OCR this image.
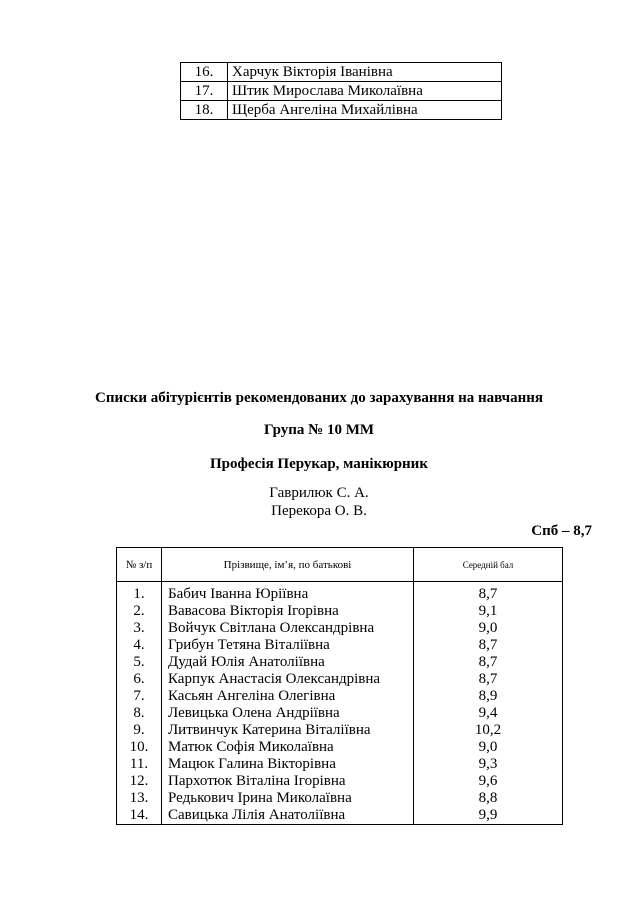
16.	Харчук Вікторія Іванівна
17.	Штик Мирослава Миколаївна
18.	Щерба Ангеліна Михайлівна
Списки абітурієнтів рекомендованих до зарахування на навчання
Група № 10 ММ
Професія Перукар, манікюрник
Гаврилюк С. А.
Перекора О. В.
Спб – 8,7
№ з/п	Прізвище, ім’я, по батькові	Середній бал
1.	Бабич Іванна Юріївна	8,7
2.	Вавасова Вікторія Ігорівна	9,1
3.	Войчук Світлана Олександрівна	9,0
4.	Грибун Тетяна Віталіївна	8,7
5.	Дудай Юлія Анатоліївна	8,7
6.	Карпук Анастасія Олександрівна	8,7
7.	Касьян Ангеліна Олегівна	8,9
8.	Левицька Олена Андріївна	9,4
9.	Литвинчук Катерина Віталіївна	10,2
10.	Матюк Софія Миколаївна	9,0
11.	Мацюк Галина Вікторівна	9,3
12.	Пархотюк Віталіна Ігорівна	9,6
13.	Редькович Ірина Миколаївна	8,8
14.	Савицька Лілія Анатоліївна	9,9
